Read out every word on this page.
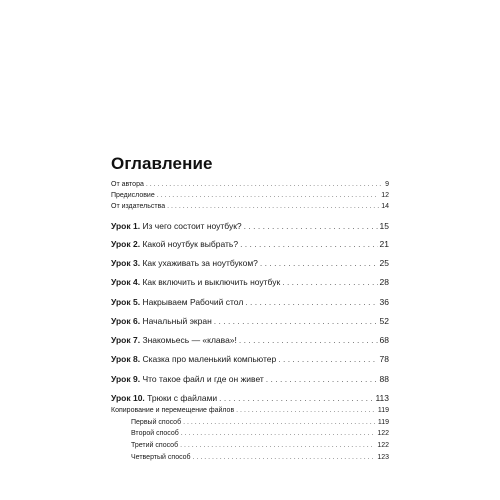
Оглавление
От автора . . .	9
Предисловие . . .	12
От издательства . . .	14
Урок 1. Из чего состоит ноутбук? . . .	15
Урок 2. Какой ноутбук выбрать? . . .	21
Урок 3. Как ухаживать за ноутбуком? . . .	25
Урок 4. Как включить и выключить ноутбук . . .	28
Урок 5. Накрываем Рабочий стол . . .	36
Урок 6. Начальный экран . . .	52
Урок 7. Знакомьесь — «клава»! . . .	68
Урок 8. Сказка про маленький компьютер . . .	78
Урок 9. Что такое файл и где он живет . . .	88
Урок 10. Трюки с файлами . . .	113
Копирование и перемещение файлов . . .	119
Первый способ . . .	119
Второй способ . . .	122
Третий способ . . .	122
Четвертый способ . . .	123
